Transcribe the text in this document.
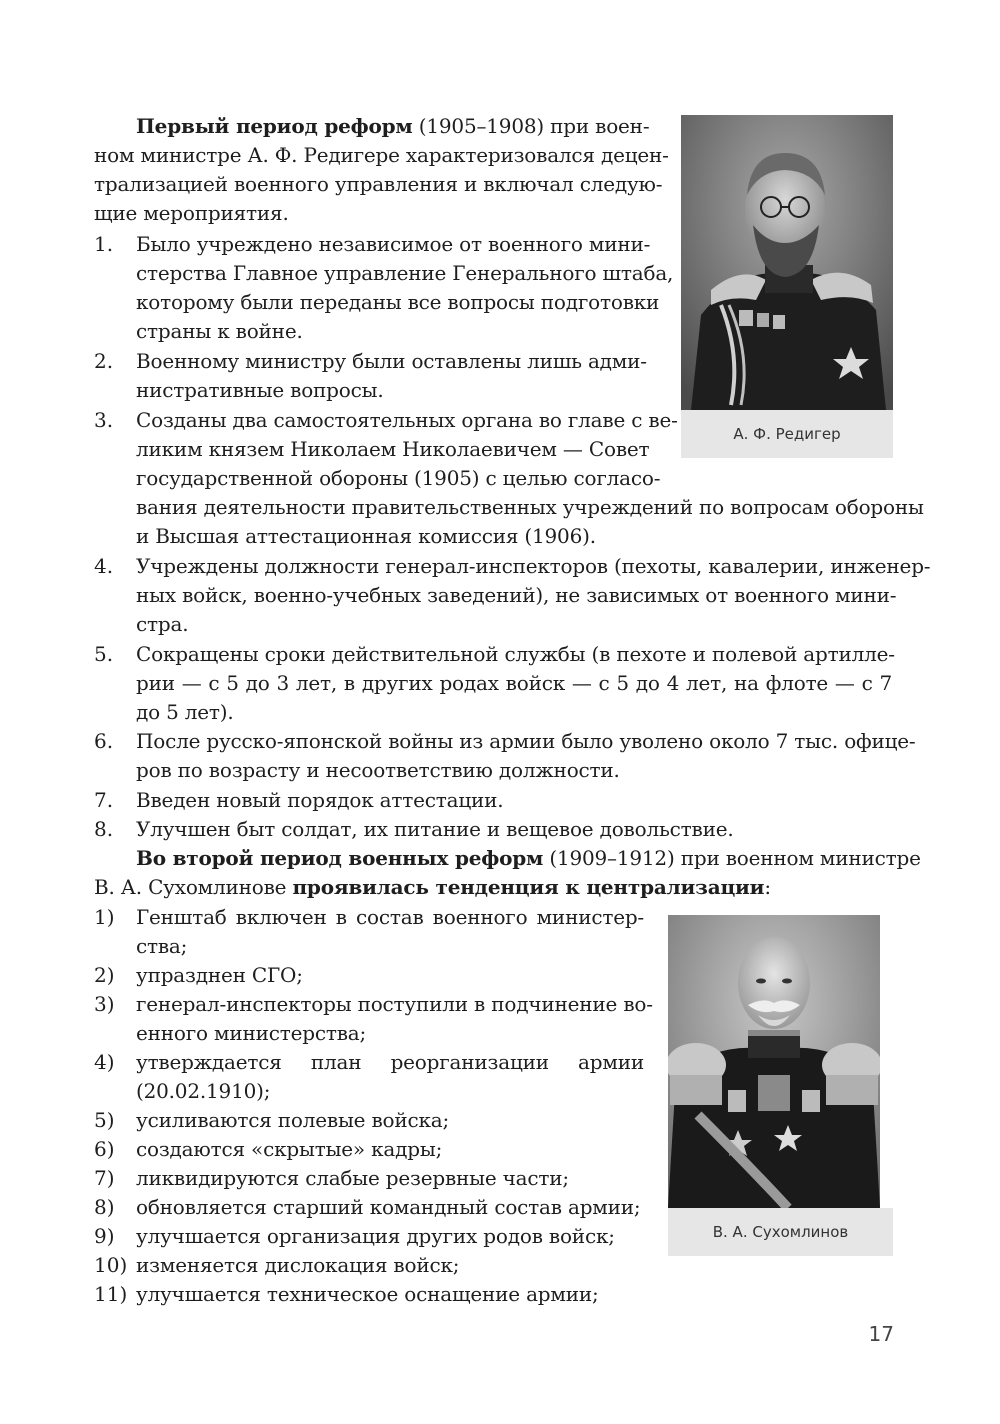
Первый период реформ (1905–1908) при воен-
ном министре А. Ф. Редигере характеризовался децен-
трализацией военного управления и включал следую-
щие мероприятия.
1. Было учреждено независимое от военного мини-
стерства Главное управление Генерального штаба,
которому были переданы все вопросы подготовки
страны к войне.
2. Военному министру были оставлены лишь адми-
нистративные вопросы.
3. Созданы два самостоятельных органа во главе с ве-
ликим князем Николаем Николаевичем — Совет
государственной обороны (1905) с целью согласо-
вания деятельности правительственных учреждений по вопросам обороны
и Высшая аттестационная комиссия (1906).
4. Учреждены должности генерал-инспекторов (пехоты, кавалерии, инженер-
ных войск, военно-учебных заведений), не зависимых от военного мини-
стра.
5. Сокращены сроки действительной службы (в пехоте и полевой артилле-
рии — с 5 до 3 лет, в других родах войск — с 5 до 4 лет, на флоте — с 7
до 5 лет).
6. После русско-японской войны из армии было уволено около 7 тыс. офице-
ров по возрасту и несоответствию должности.
7. Введен новый порядок аттестации.
8. Улучшен быт солдат, их питание и вещевое довольствие.
Во второй период военных реформ (1909–1912) при военном министре
В. А. Сухомлинове проявилась тенденция к централизации:
1) Генштаб включен в состав военного министер-
ства;
2) упразднен СГО;
3) генерал-инспекторы поступили в подчинение во-
енного министерства;
4) утверждается план реорганизации армии
(20.02.1910);
5) усиливаются полевые войска;
6) создаются «скрытые» кадры;
7) ликвидируются слабые резервные части;
8) обновляется старший командный состав армии;
9) улучшается организация других родов войск;
10) изменяется дислокация войск;
11) улучшается техническое оснащение армии;
А. Ф. Редигер
В. А. Сухомлинов
17
